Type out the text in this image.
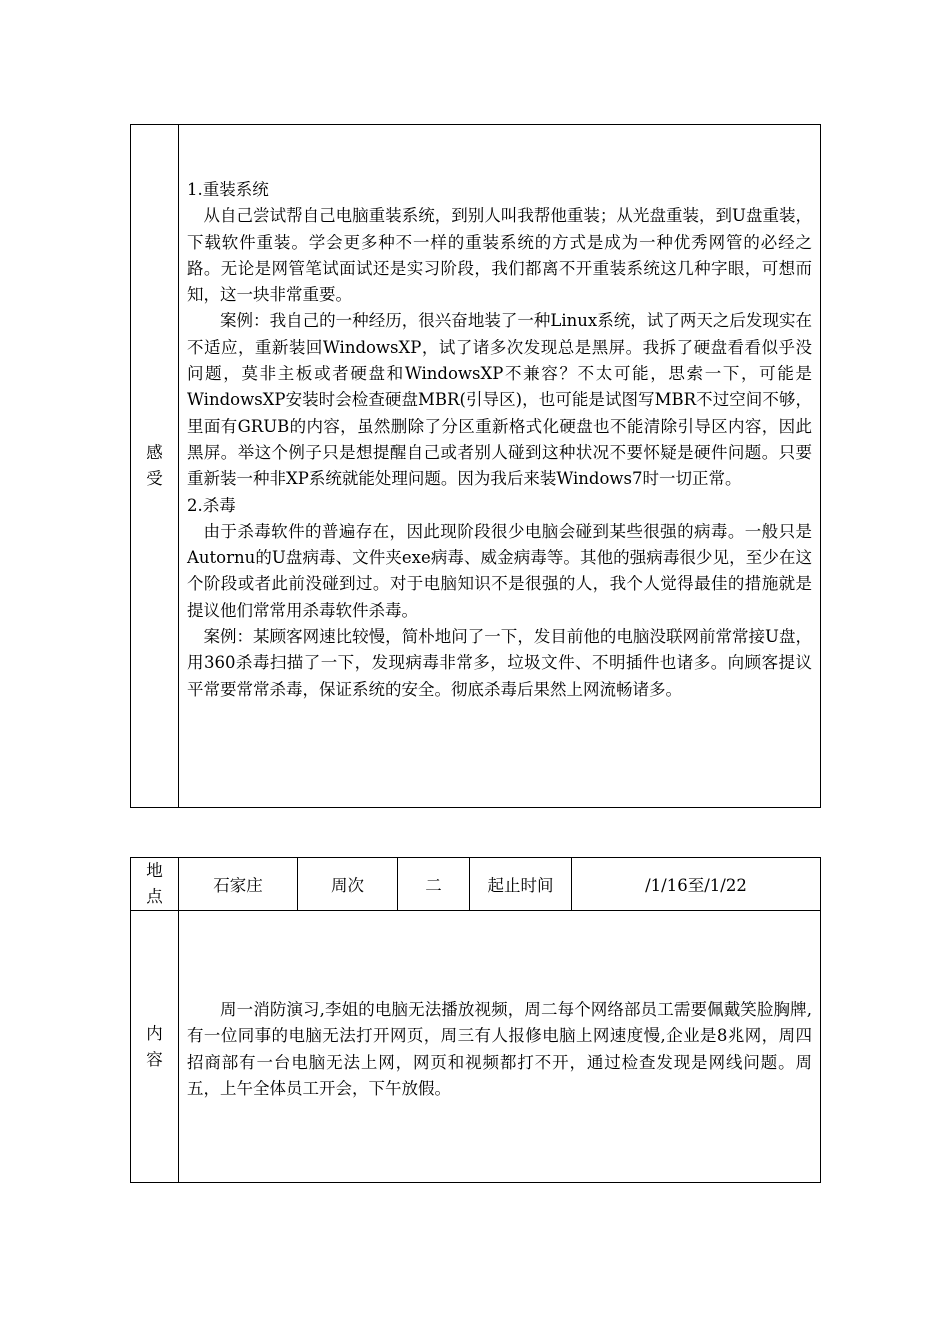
感
受

1.重装系统

从自己尝试帮自己电脑重装系统，到别人叫我帮他重装；从光盘重装，到U盘重装，下载软件重装。学会更多种不一样的重装系统的方式是成为一种优秀网管的必经之路。无论是网管笔试面试还是实习阶段，我们都离不开重装系统这几种字眼，可想而知，这一块非常重要。

案例：我自己的一种经历，很兴奋地装了一种Linux系统，试了两天之后发现实在不适应，重新装回WindowsXP，试了诸多次发现总是黑屏。我拆了硬盘看看似乎没问题，莫非主板或者硬盘和WindowsXP不兼容？不太可能，思索一下，可能是WindowsXP安装时会检查硬盘MBR(引导区)，也可能是试图写MBR不过空间不够，里面有GRUB的内容，虽然删除了分区重新格式化硬盘也不能清除引导区内容，因此黑屏。举这个例子只是想提醒自己或者别人碰到这种状况不要怀疑是硬件问题。只要重新装一种非XP系统就能处理问题。因为我后来装Windows7时一切正常。

2.杀毒

由于杀毒软件的普遍存在，因此现阶段很少电脑会碰到某些很强的病毒。一般只是Autornu的U盘病毒、文件夹exe病毒、威金病毒等。其他的强病毒很少见，至少在这个阶段或者此前没碰到过。对于电脑知识不是很强的人，我个人觉得最佳的措施就是提议他们常常用杀毒软件杀毒。

案例：某顾客网速比较慢，简朴地问了一下，发目前他的电脑没联网前常常接U盘，用360杀毒扫描了一下，发现病毒非常多，垃圾文件、不明插件也诸多。向顾客提议平常要常常杀毒，保证系统的安全。彻底杀毒后果然上网流畅诸多。

地
点	石家庄	周次	二	起止时间	/1/16至/1/22

内
容	周一消防演习,李姐的电脑无法播放视频，周二每个网络部员工需要佩戴笑脸胸牌,有一位同事的电脑无法打开网页，周三有人报修电脑上网速度慢,企业是8兆网，周四招商部有一台电脑无法上网，网页和视频都打不开，通过检查发现是网线问题。周五，上午全体员工开会，下午放假。				
